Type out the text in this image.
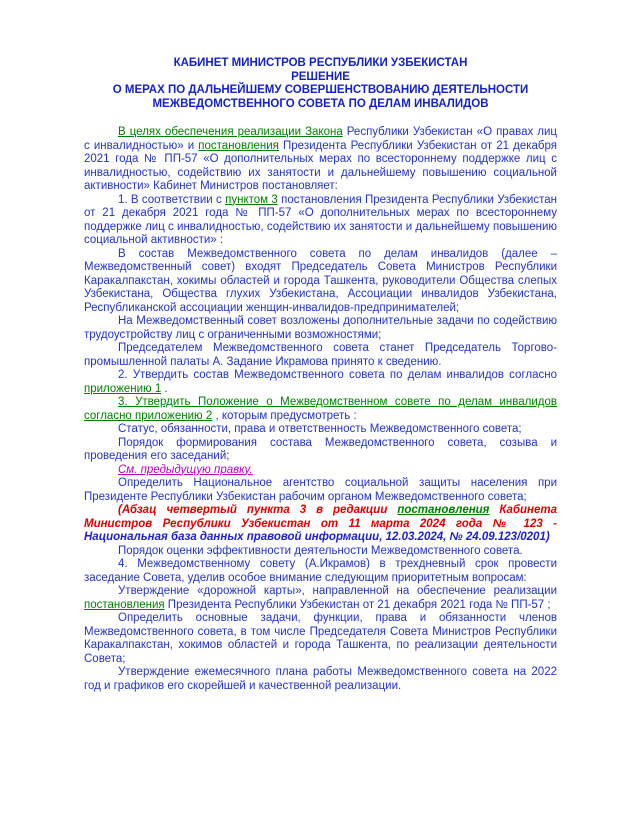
КАБИНЕТ МИНИСТРОВ РЕСПУБЛИКИ УЗБЕКИСТАН
РЕШЕНИЕ
О МЕРАХ ПО ДАЛЬНЕЙШЕМУ СОВЕРШЕНСТВОВАНИЮ ДЕЯТЕЛЬНОСТИ МЕЖВЕДОМСТВЕННОГО СОВЕТА ПО ДЕЛАМ ИНВАЛИДОВ

В целях обеспечения реализации Закона Республики Узбекистан «О правах лиц с инвалидностью» и постановления Президента Республики Узбекистан от 21 декабря 2021 года № ПП-57 «О дополнительных мерах по всестороннему поддержке лиц с инвалидностью, содействию их занятости и дальнейшему повышению социальной активности» Кабинет Министров постановляет:

1. В соответствии с пунктом 3 постановления Президента Республики Узбекистан от 21 декабря 2021 года № ПП-57 «О дополнительных мерах по всестороннему поддержке лиц с инвалидностью, содействию их занятости и дальнейшему повышению социальной активности» :

В состав Межведомственного совета по делам инвалидов (далее – Межведомственный совет) входят Председатель Совета Министров Республики Каракалпакстан, хокимы областей и города Ташкента, руководители Общества слепых Узбекистана, Общества глухих Узбекистана, Ассоциации инвалидов Узбекистана, Республиканской ассоциации женщин-инвалидов-предпринимателей;

На Межведомственный совет возложены дополнительные задачи по содействию трудоустройству лиц с ограниченными возможностями;

Председателем Межведомственного совета станет Председатель Торгово-промышленной палаты А. Задание Икрамова принято к сведению.

2. Утвердить состав Межведомственного совета по делам инвалидов согласно приложению 1 .

3. Утвердить Положение о Межведомственном совете по делам инвалидов согласно приложению 2 , которым предусмотреть :

Статус, обязанности, права и ответственность Межведомственного совета;

Порядок формирования состава Межведомственного совета, созыва и проведения его заседаний;

См. предыдущую правку.

Определить Национальное агентство социальной защиты населения при Президенте Республики Узбекистан рабочим органом Межведомственного совета;

(Абзац четвертый пункта 3 в редакции постановления Кабинета Министров Республики Узбекистан от 11 марта 2024 года № 123 - Национальная база данных правовой информации, 12.03.2024, № 24.09.123/0201)

Порядок оценки эффективности деятельности Межведомственного совета.

4. Межведомственному совету (А.Икрамов) в трехдневный срок провести заседание Совета, уделив особое внимание следующим приоритетным вопросам:

Утверждение «дорожной карты», направленной на обеспечение реализации постановления Президента Республики Узбекистан от 21 декабря 2021 года № ПП-57 ;

Определить основные задачи, функции, права и обязанности членов Межведомственного совета, в том числе Председателя Совета Министров Республики Каракалпакстан, хокимов областей и города Ташкента, по реализации деятельности Совета;

Утверждение ежемесячного плана работы Межведомственного совета на 2022 год и графиков его скорейшей и качественной реализации.
